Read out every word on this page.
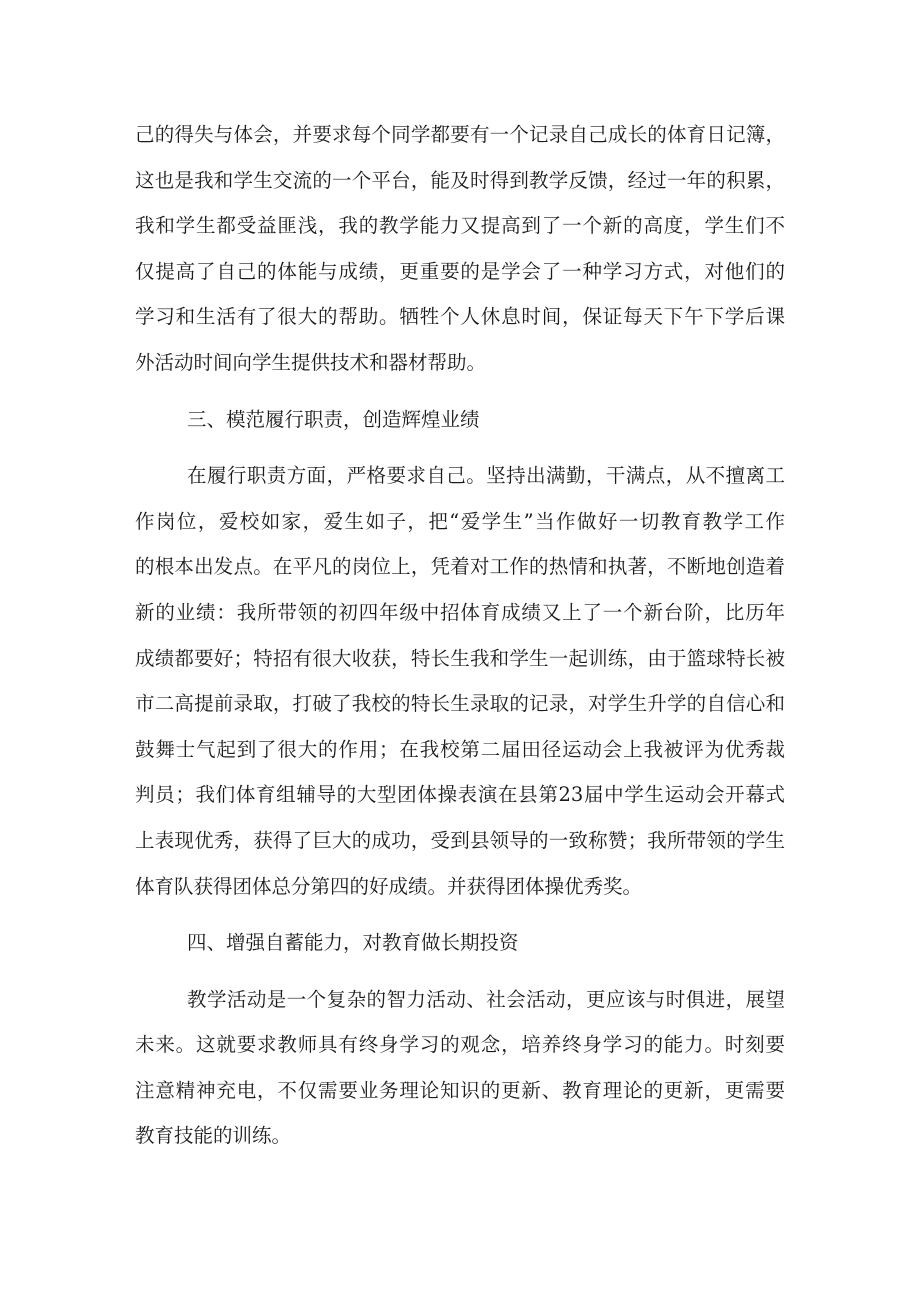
己的得失与体会，并要求每个同学都要有一个记录自己成长的体育日记簿，
这也是我和学生交流的一个平台，能及时得到教学反馈，经过一年的积累，
我和学生都受益匪浅，我的教学能力又提高到了一个新的高度，学生们不
仅提高了自己的体能与成绩，更重要的是学会了一种学习方式，对他们的
学习和生活有了很大的帮助。牺牲个人休息时间，保证每天下午下学后课
外活动时间向学生提供技术和器材帮助。
三、模范履行职责，创造辉煌业绩
在履行职责方面，严格要求自己。坚持出满勤，干满点，从不擅离工
作岗位，爱校如家，爱生如子，把“爱学生”当作做好一切教育教学工作
的根本出发点。在平凡的岗位上，凭着对工作的热情和执著，不断地创造着
新的业绩：我所带领的初四年级中招体育成绩又上了一个新台阶，比历年
成绩都要好；特招有很大收获，特长生我和学生一起训练，由于篮球特长被
市二高提前录取，打破了我校的特长生录取的记录，对学生升学的自信心和
鼓舞士气起到了很大的作用；在我校第二届田径运动会上我被评为优秀裁
判员；我们体育组辅导的大型团体操表演在县第23届中学生运动会开幕式
上表现优秀，获得了巨大的成功，受到县领导的一致称赞；我所带领的学生
体育队获得团体总分第四的好成绩。并获得团体操优秀奖。
四、增强自蓄能力，对教育做长期投资
教学活动是一个复杂的智力活动、社会活动，更应该与时俱进，展望
未来。这就要求教师具有终身学习的观念，培养终身学习的能力。时刻要
注意精神充电，不仅需要业务理论知识的更新、教育理论的更新，更需要
教育技能的训练。
